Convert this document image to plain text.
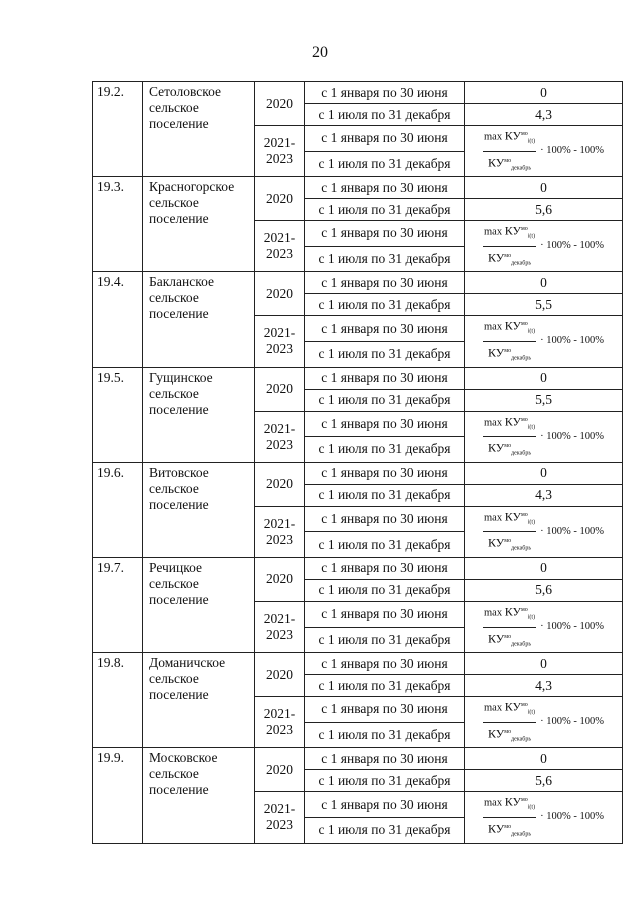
20
19.2.	Сетоловское сельское поселение	2020	с 1 января по 30 июня	0
			с 1 июля по 31 декабря	4,3
		2021-2023	с 1 января по 30 июня	$\frac{\max КУ^{мо}_{i(t)}}{КУ^{мо}_{декабрь}} \cdot 100\% - 100\%$

			с 1 июля по 31 декабря	
19.3.	Красногорское сельское поселение	2020	с 1 января по 30 июня	0
			с 1 июля по 31 декабря	5,6
		2021-2023	с 1 января по 30 июня	$\frac{\max КУ^{мо}_{i(t)}}{КУ^{мо}_{декабрь}} \cdot 100\% - 100\%$

			с 1 июля по 31 декабря	
19.4.	Бакланское сельское поселение	2020	с 1 января по 30 июня	0
			с 1 июля по 31 декабря	5,5
		2021-2023	с 1 января по 30 июня	$\frac{\max КУ^{мо}_{i(t)}}{КУ^{мо}_{декабрь}} \cdot 100\% - 100\%$

			с 1 июля по 31 декабря	
19.5.	Гущинское сельское поселение	2020	с 1 января по 30 июня	0
			с 1 июля по 31 декабря	5,5
		2021-2023	с 1 января по 30 июня	$\frac{\max КУ^{мо}_{i(t)}}{КУ^{мо}_{декабрь}} \cdot 100\% - 100\%$

			с 1 июля по 31 декабря	
19.6.	Витовское сельское поселение	2020	с 1 января по 30 июня	0
			с 1 июля по 31 декабря	4,3
		2021-2023	с 1 января по 30 июня	$\frac{\max КУ^{мо}_{i(t)}}{КУ^{мо}_{декабрь}} \cdot 100\% - 100\%$

			с 1 июля по 31 декабря	
19.7.	Речицкое сельское поселение	2020	с 1 января по 30 июня	0
			с 1 июля по 31 декабря	5,6
		2021-2023	с 1 января по 30 июня	$\frac{\max КУ^{мо}_{i(t)}}{КУ^{мо}_{декабрь}} \cdot 100\% - 100\%$

			с 1 июля по 31 декабря	
19.8.	Доманичское сельское поселение	2020	с 1 января по 30 июня	0
			с 1 июля по 31 декабря	4,3
		2021-2023	с 1 января по 30 июня	$\frac{\max КУ^{мо}_{i(t)}}{КУ^{мо}_{декабрь}} \cdot 100\% - 100\%$

			с 1 июля по 31 декабря	
19.9.	Московское сельское поселение	2020	с 1 января по 30 июня	0
			с 1 июля по 31 декабря	5,6
		2021-2023	с 1 января по 30 июня	$\frac{\max КУ^{мо}_{i(t)}}{КУ^{мо}_{декабрь}} \cdot 100\% - 100\%$

			с 1 июля по 31 декабря	
